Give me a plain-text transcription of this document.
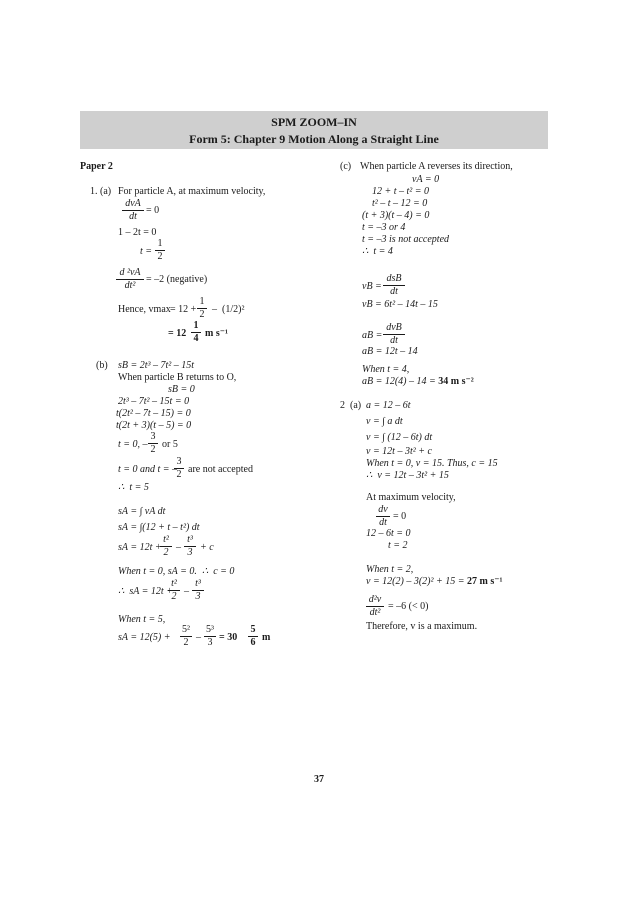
SPM ZOOM–IN
Form 5: Chapter 9 Motion Along a Straight Line
Paper 2
1. (a) For particle A, at maximum velocity,
dvA
dt
= 0
1 – 2t = 0
t =
1
2
d ²vA
dt²
= –2 (negative)
Hence, vmax = 12 +
1
2 – (1/2)²
= 12
1
4 m s⁻¹
(b) sB = 2t³ – 7t² – 15t
When particle B returns to O,
sB = 0
2t³ – 7t² – 15t = 0
t(2t² – 7t – 15) = 0
t(2t + 3)(t – 5) = 0
t = 0, –
3
2 or 5
t = 0 and t = –
3
2 are not accepted
∴  t = 5
sA = ∫ vA dt
sA = ∫(12 + t – t²) dt
sA = 12t +
t²
2 –
t³
3 + c
When t = 0, sA = 0.  ∴  c = 0
∴  sA = 12t +
t²
2 –
t³
3
When t = 5,
sA = 12(5) +
5²
2 –
5³
3 = 30
5
6 m
(c) When particle A reverses its direction,
vA = 0
12 + t – t² = 0
t² – t – 12 = 0
(t + 3)(t – 4) = 0
t = –3 or 4
t = –3 is not accepted
∴  t = 4
vB =
dsB
dt
vB = 6t² – 14t – 15
aB =
dvB
dt
aB = 12t – 14
When t = 4,
aB = 12(4) – 14 = 34 m s⁻²
2  (a) a = 12 – 6t
v = ∫ a dt
v = ∫ (12 – 6t) dt
v = 12t – 3t² + c
When t = 0, v = 15. Thus, c = 15
∴  v = 12t – 3t² + 15
At maximum velocity,
dv
dt
= 0
12 – 6t = 0
t = 2
When t = 2,
v = 12(2) – 3(2)² + 15 = 27 m s⁻¹
d²v
dt²
= –6 (< 0)
Therefore, v is a maximum.
37
